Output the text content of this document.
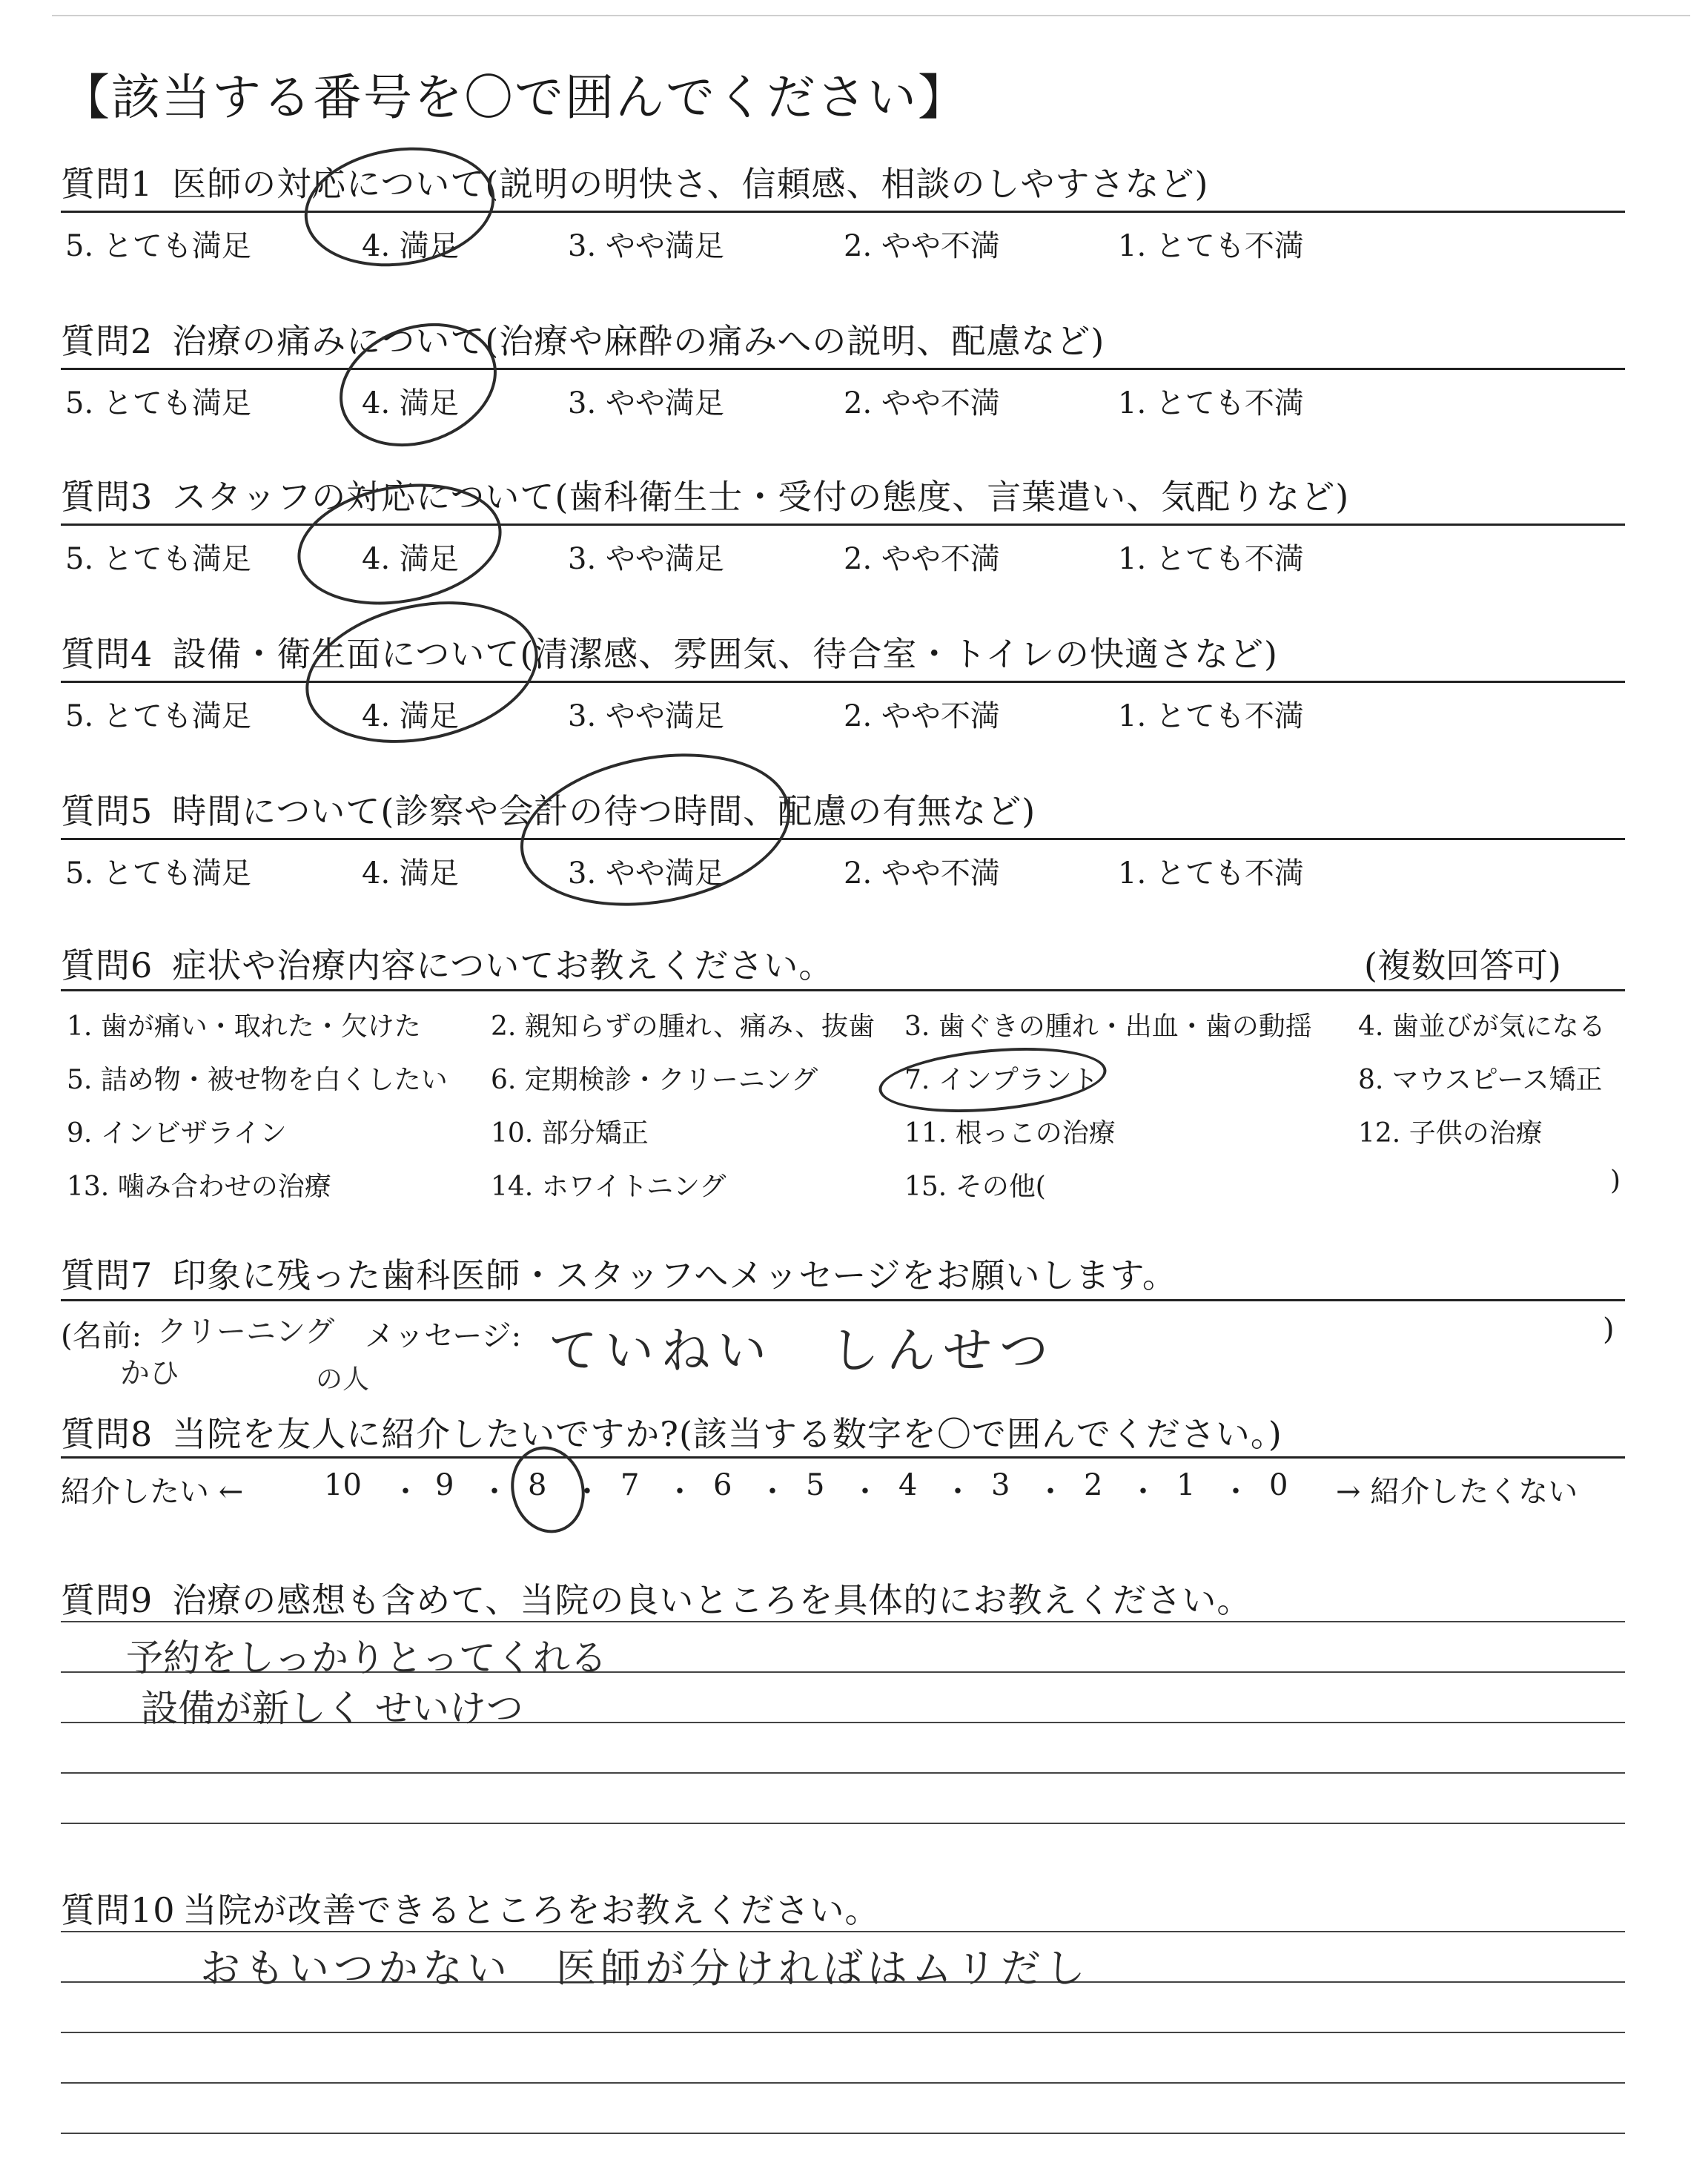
【該当する番号を〇で囲んでください】
質問1 医師の対応について(説明の明快さ、信頼感、相談のしやすさなど)
5. とても満足	4. 満足	3. やや満足	2. やや不満	1. とても不満
質問2 治療の痛みについて(治療や麻酔の痛みへの説明、配慮など)
5. とても満足	4. 満足	3. やや満足	2. やや不満	1. とても不満
質問3 スタッフの対応について(歯科衛生士・受付の態度、言葉遣い、気配りなど)
5. とても満足	4. 満足	3. やや満足	2. やや不満	1. とても不満
質問4 設備・衛生面について(清潔感、雰囲気、待合室・トイレの快適さなど)
5. とても満足	4. 満足	3. やや満足	2. やや不満	1. とても不満
質問5 時間について(診察や会計の待つ時間、配慮の有無など)
5. とても満足	4. 満足	3. やや満足	2. やや不満	1. とても不満
質問6 症状や治療内容についてお教えください。	(複数回答可)
1. 歯が痛い・取れた・欠けた	2. 親知らずの腫れ、痛み、抜歯 3. 歯ぐきの腫れ・出血・歯の動揺 4. 歯並びが気になる
5. 詰め物・被せ物を白くしたい 6. 定期検診・クリーニング	7. インプラント	8. マウスピース矯正
9. インビザライン	10. 部分矯正	11. 根っこの治療	12. 子供の治療
13. 噛み合わせの治療	14. ホワイトニング	15. その他(	)
質問7 印象に残った歯科医師・スタッフへメッセージをお願いします。
(名前:	メッセージ:	)
クリーニング
かひ	の人
ていねい　しんせつ
質問8 当院を友人に紹介したいですか?(該当する数字を〇で囲んでください。)
紹介したい ←	10 ・ 9 ・ 8 ・ 7 ・ 6 ・ 5 ・ 4 ・ 3 ・ 2 ・ 1 ・ 0 → 紹介したくない
質問9 治療の感想も含めて、当院の良いところを具体的にお教えください。
予約をしっかりとってくれる
設備が新しく せいけつ
質問10 当院が改善できるところをお教えください。
おもいつかない　医師が分ければはムリだし
